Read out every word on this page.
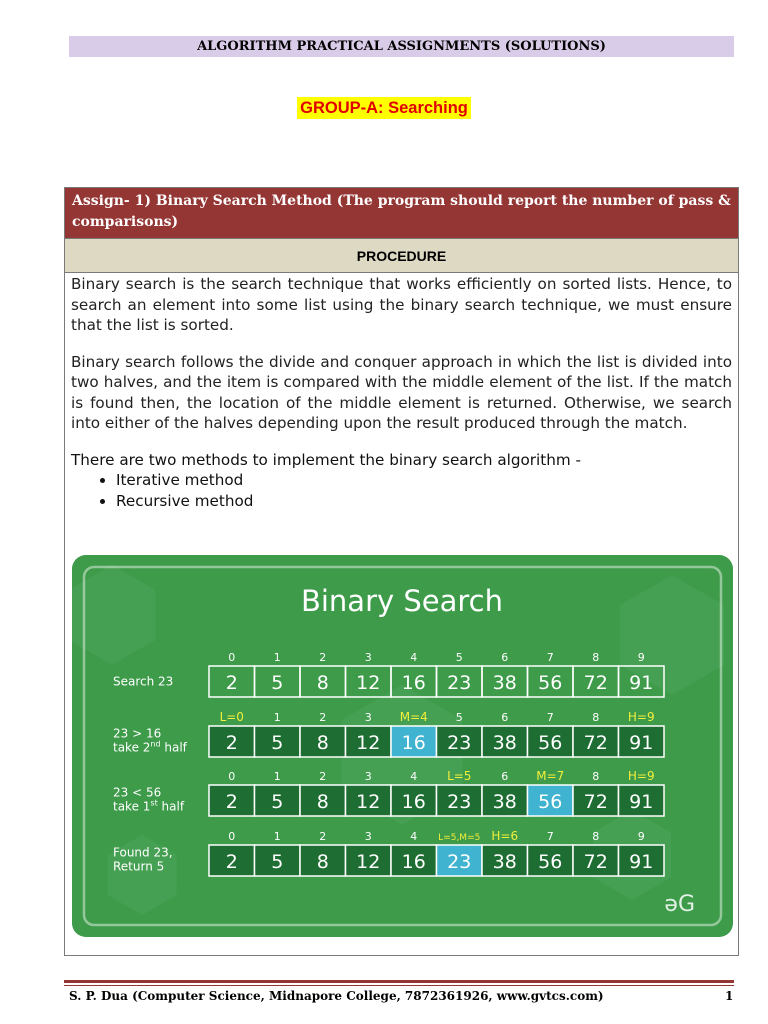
ALGORITHM PRACTICAL ASSIGNMENTS (SOLUTIONS)
GROUP-A: Searching
Assign- 1) Binary Search Method (The program should report the number of pass & comparisons)
PROCEDURE

Binary search is the search technique that works efficiently on sorted lists. Hence, to search an element into some list using the binary search technique, we must ensure that the list is sorted.

Binary search follows the divide and conquer approach in which the list is divided into two halves, and the item is compared with the middle element of the list. If the match is found then, the location of the middle element is returned. Otherwise, we search into either of the halves depending upon the result produced through the match.

There are two methods to implement the binary search algorithm -

• Iterative method
• Recursive method
Binary Search
Search 23
0	1	2	3	4	5	6	7	8	9
2 5 8 12 16 23 38 56 72 91
23 > 16
take 2nd half
L=0	1	2	3 M=4	5	6	7	8 H=9
2 5 8 12 16 23 38 56 72 91
23 < 56
take 1st half
0	1	2	3	4 L=5	6 M=7	8 H=9
2 5 8 12 16 23 38 56 72 91
Found 23,
Return 5
0	1	2	3	4 L=5,M=5 H=6	7	8	9
2 5 8 12 16 23 38 56 72 91
əG
S. P. Dua (Computer Science, Midnapore College, 7872361926, www.gvtcs.com)	1
